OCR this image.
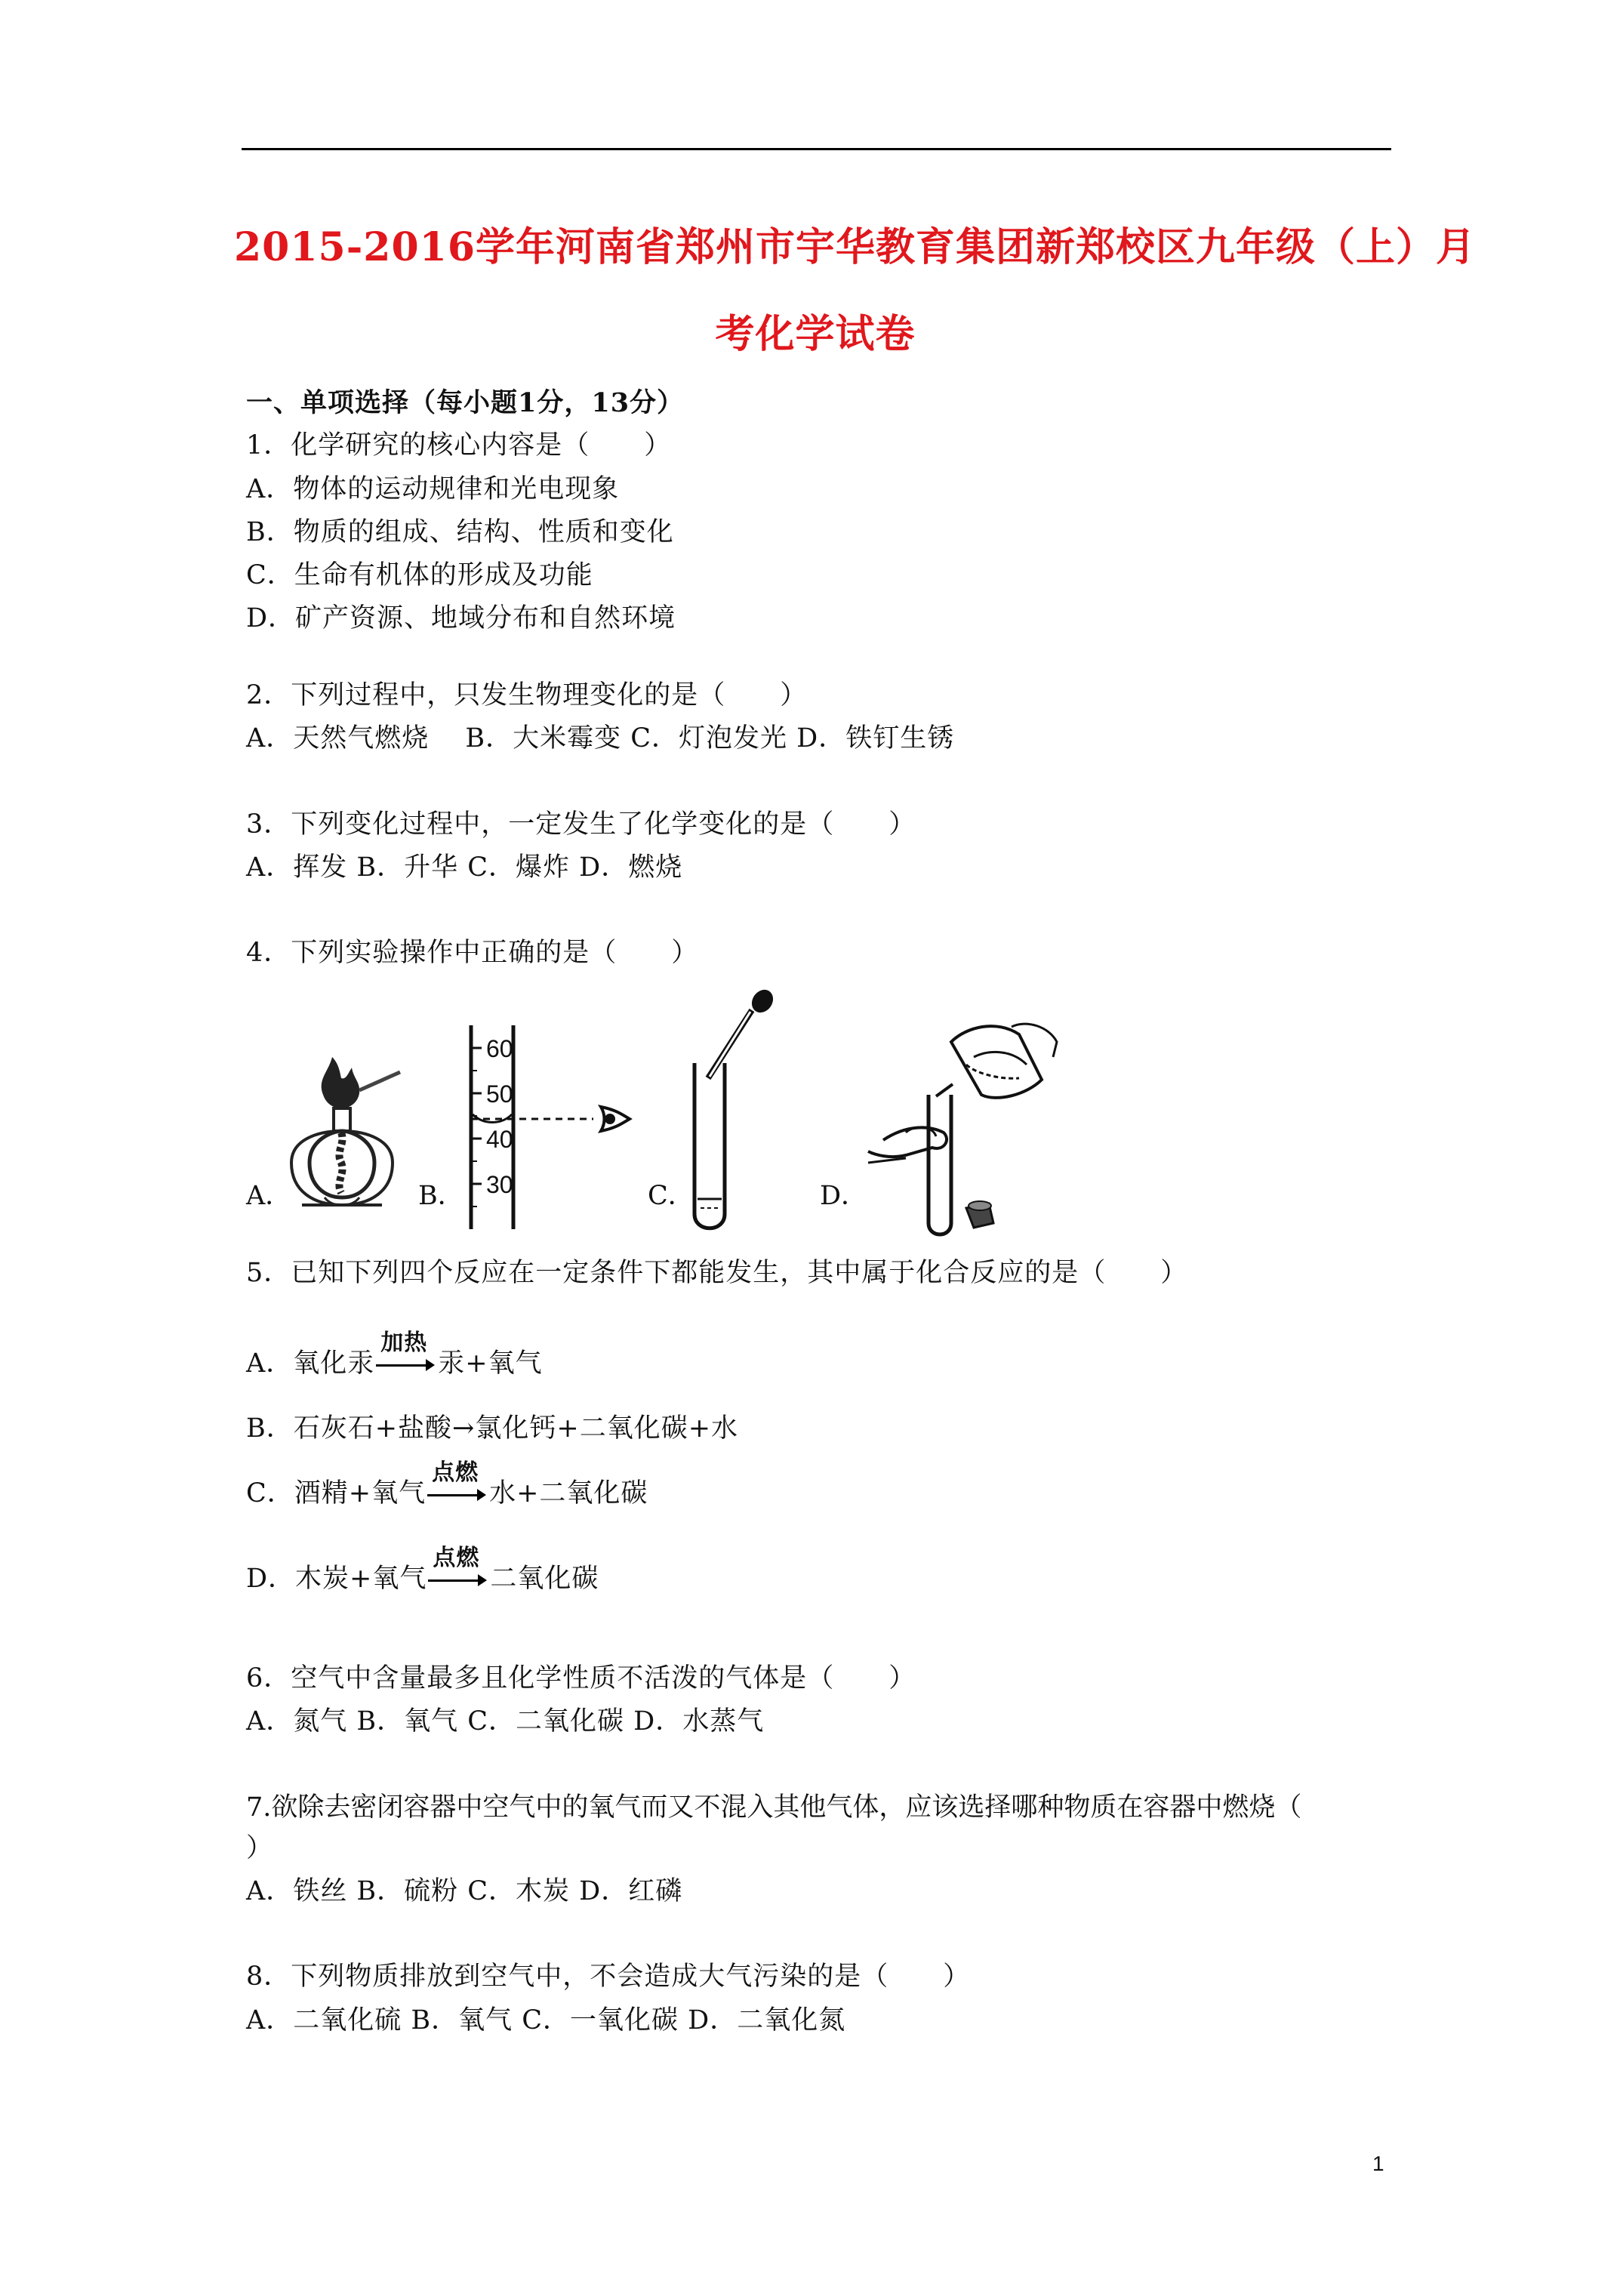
2015-2016学年河南省郑州市宇华教育集团新郑校区九年级（上）月
考化学试卷
一、单项选择（每小题1分，13分）
1．化学研究的核心内容是（　　）
A．物体的运动规律和光电现象
B．物质的组成、结构、性质和变化
C．生命有机体的形成及功能
D．矿产资源、地域分布和自然环境
2．下列过程中，只发生物理变化的是（　　）
A．天然气燃烧　 B．大米霉变 C．灯泡发光 D．铁钉生锈
3．下列变化过程中，一定发生了化学变化的是（　　）
A．挥发 B．升华 C．爆炸 D．燃烧
4．下列实验操作中正确的是（　　）
A．	B．	C．	D．
60
50
40
30
5．已知下列四个反应在一定条件下都能发生，其中属于化合反应的是（　　）
A．氧化汞
加热
汞+氧气
B．石灰石+盐酸→氯化钙+二氧化碳+水
C．酒精+氧气
点燃
水+二氧化碳
D．木炭+氧气
点燃
二氧化碳
6．空气中含量最多且化学性质不活泼的气体是（　　）
A．氮气 B．氧气 C．二氧化碳 D．水蒸气
7.欲除去密闭容器中空气中的氧气而又不混入其他气体，应该选择哪种物质在容器中燃烧（
）
A．铁丝 B．硫粉 C．木炭 D．红磷
8．下列物质排放到空气中，不会造成大气污染的是（　　）
A．二氧化硫 B．氧气 C．一氧化碳 D．二氧化氮
1
